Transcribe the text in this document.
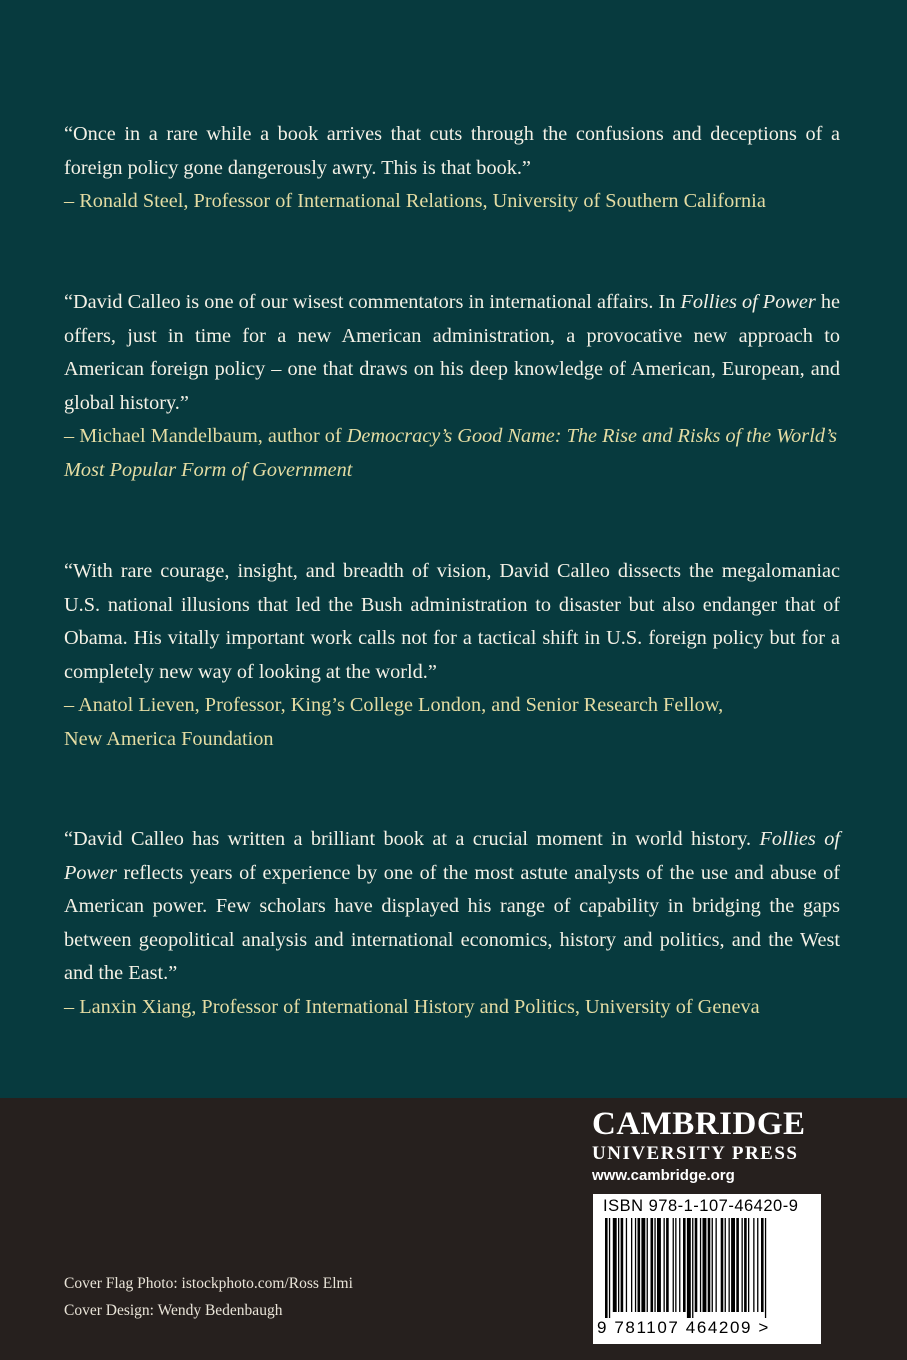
“Once in a rare while a book arrives that cuts through the confusions and deceptions of a foreign policy gone dangerously awry. This is that book.”

– Ronald Steel, Professor of International Relations, University of Southern California

“David Calleo is one of our wisest commentators in international affairs. In Follies of Power he offers, just in time for a new American administration, a provocative new approach to American foreign policy – one that draws on his deep knowledge of American, European, and global history.”

– Michael Mandelbaum, author of Democracy’s Good Name: The Rise and Risks of the World’s Most Popular Form of Government

“With rare courage, insight, and breadth of vision, David Calleo dissects the megalomaniac U.S. national illusions that led the Bush administration to disaster but also endanger that of Obama. His vitally important work calls not for a tactical shift in U.S. foreign policy but for a completely new way of looking at the world.”

– Anatol Lieven, Professor, King’s College London, and Senior Research Fellow,
New America Foundation

“David Calleo has written a brilliant book at a crucial moment in world history. Follies of Power reflects years of experience by one of the most astute analysts of the use and abuse of American power. Few scholars have displayed his range of capability in bridging the gaps between geopolitical analysis and international economics, history and politics, and the West and the East.”

– Lanxin Xiang, Professor of International History and Politics, University of Geneva

Cover Flag Photo: istockphoto.com/Ross Elmi
Cover Design: Wendy Bedenbaugh
CAMBRIDGE
UNIVERSITY PRESS
www.cambridge.org
ISBN 978-1-107-46420-9
9 781107 464209 >
